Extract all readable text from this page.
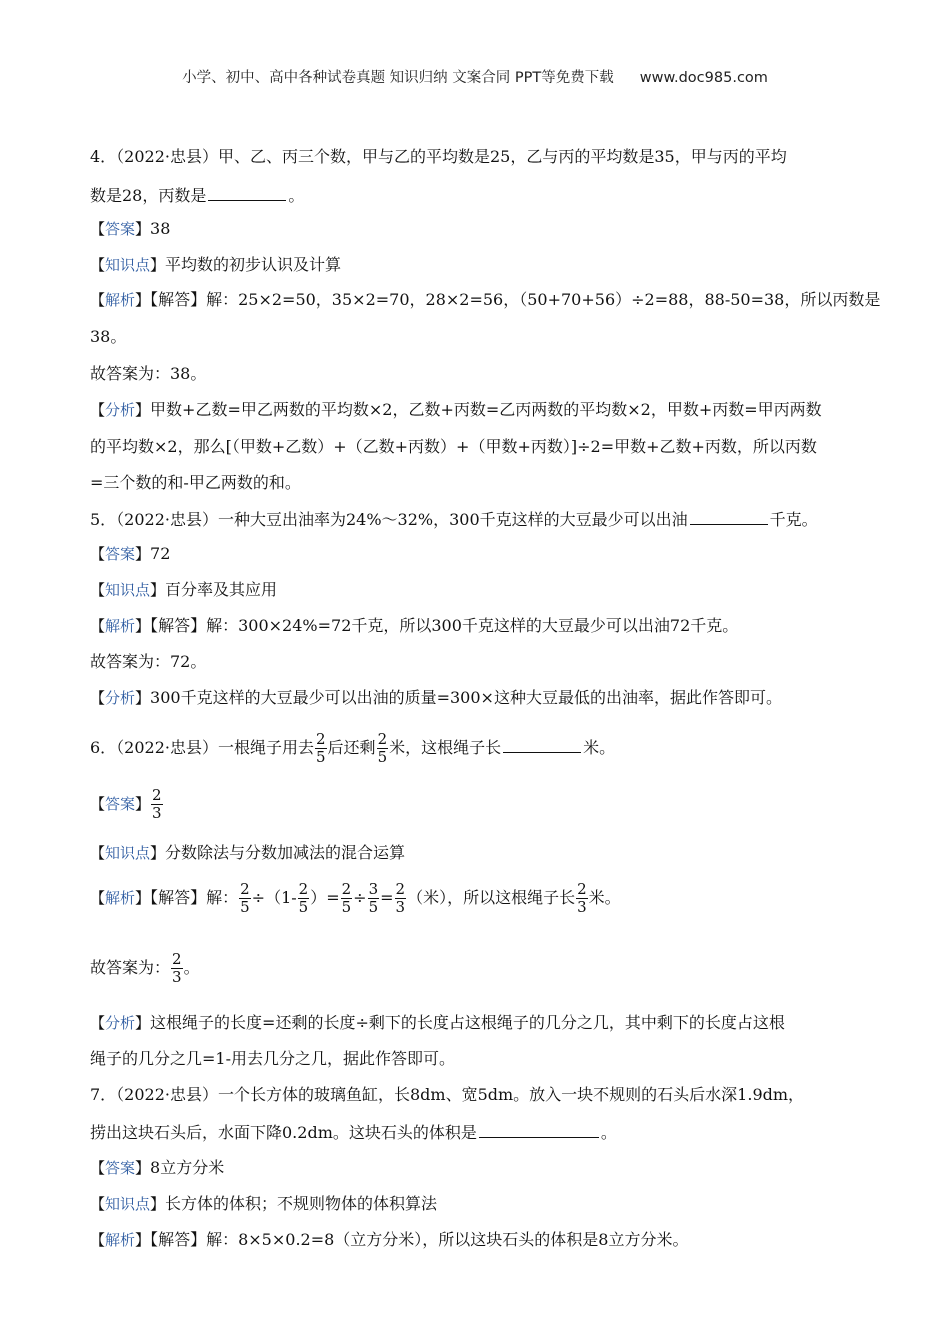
小学、初中、高中各种试卷真题 知识归纳 文案合同 PPT等免费下载 www.doc985.com
4．（2022·忠县）甲、乙、丙三个数，甲与乙的平均数是25，乙与丙的平均数是35，甲与丙的平均
数是28，丙数是	。
【答案】38
【知识点】平均数的初步认识及计算
【解析】【解答】解：25×2=50，35×2=70，28×2=56，（50+70+56）÷2=88，88-50=38，所以丙数是
38。
故答案为：38。
【分析】甲数+乙数=甲乙两数的平均数×2，乙数+丙数=乙丙两数的平均数×2，甲数+丙数=甲丙两数
的平均数×2，那么[（甲数+乙数）+（乙数+丙数）+（甲数+丙数）]÷2=甲数+乙数+丙数，所以丙数
=三个数的和-甲乙两数的和。
5．（2022·忠县）一种大豆出油率为24%～32%，300千克这样的大豆最少可以出油	千克。
【答案】72
【知识点】百分率及其应用
【解析】【解答】解：300×24%=72千克，所以300千克这样的大豆最少可以出油72千克。
故答案为：72。
【分析】300千克这样的大豆最少可以出油的质量=300×这种大豆最低的出油率，据此作答即可。
6．（2022·忠县）一根绳子用去 $\frac{2}{5}$ 后还剩 $\frac{2}{5}$ 米，这根绳子长	米。
【答案】 $\frac{2}{3}$
【知识点】分数除法与分数加减法的混合运算
【解析】【解答】解： $\frac{2}{5} \div(1- \frac{2}{5}$ ）= $\frac{2}{5} \div \frac{3}{5} = \frac{2}{3}$ （米），所以这根绳子长 $\frac{2}{3}$ 米。
故答案为： $\frac{2}{3}$ 。
【分析】这根绳子的长度=还剩的长度÷剩下的长度占这根绳子的几分之几，其中剩下的长度占这根
绳子的几分之几=1-用去几分之几，据此作答即可。
7．（2022·忠县）一个长方体的玻璃鱼缸，长8dm、宽5dm。放入一块不规则的石头后水深1.9dm，
捞出这块石头后，水面下降0.2dm。这块石头的体积是	。
【答案】8立方分米
【知识点】长方体的体积；不规则物体的体积算法
【解析】【解答】解：8×5×0.2=8（立方分米），所以这块石头的体积是8立方分米。
